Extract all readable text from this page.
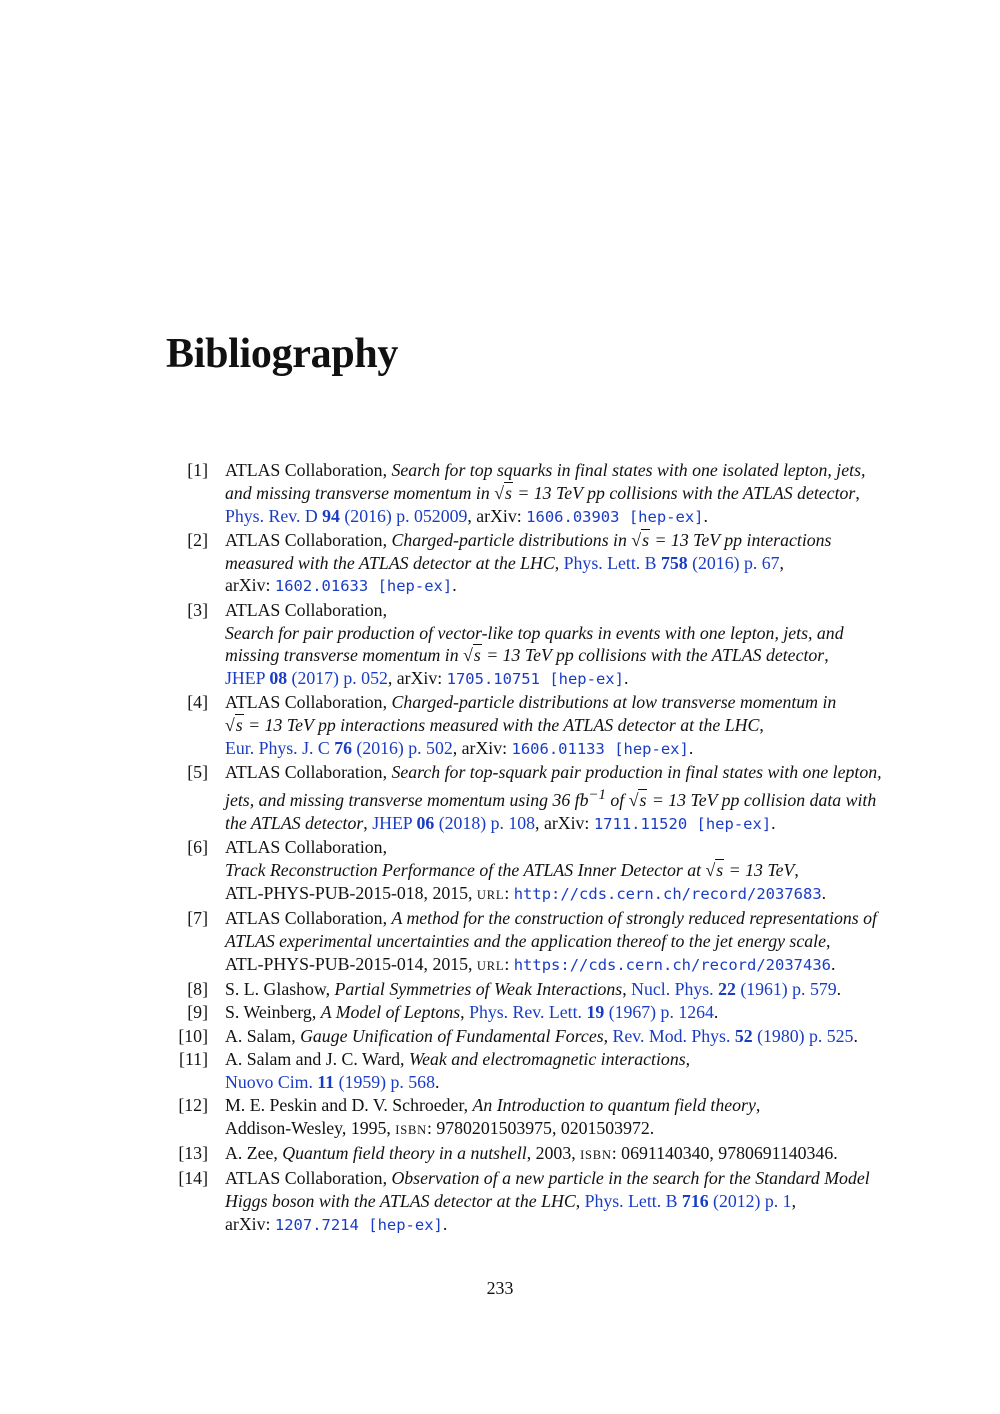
Bibliography
[1] ATLAS Collaboration, Search for top squarks in final states with one isolated lepton, jets, and missing transverse momentum in √s = 13 TeV pp collisions with the ATLAS detector,
Phys. Rev. D 94 (2016) p. 052009, arXiv: 1606.03903 [hep-ex].
[2] ATLAS Collaboration, Charged-particle distributions in √s = 13 TeV pp interactions measured with the ATLAS detector at the LHC, Phys. Lett. B 758 (2016) p. 67,
arXiv: 1602.01633 [hep-ex].
[3] ATLAS Collaboration,
Search for pair production of vector-like top quarks in events with one lepton, jets, and missing transverse momentum in √s = 13 TeV pp collisions with the ATLAS detector,
JHEP 08 (2017) p. 052, arXiv: 1705.10751 [hep-ex].
[4] ATLAS Collaboration, Charged-particle distributions at low transverse momentum in
√s = 13 TeV pp interactions measured with the ATLAS detector at the LHC,
Eur. Phys. J. C 76 (2016) p. 502, arXiv: 1606.01133 [hep-ex].
[5] ATLAS Collaboration, Search for top-squark pair production in final states with one lepton, jets, and missing transverse momentum using 36 $fb^{-1}$ of √s = 13 TeV pp collision data with the ATLAS detector, JHEP 06 (2018) p. 108, arXiv: 1711.11520 [hep-ex].
[6] ATLAS Collaboration,
Track Reconstruction Performance of the ATLAS Inner Detector at √s = 13 TeV,
ATL-PHYS-PUB-2015-018, 2015, URL: http://cds.cern.ch/record/2037683.
[7] ATLAS Collaboration, A method for the construction of strongly reduced representations of ATLAS experimental uncertainties and the application thereof to the jet energy scale,
ATL-PHYS-PUB-2015-014, 2015, URL: https://cds.cern.ch/record/2037436.
[8] S. L. Glashow, Partial Symmetries of Weak Interactions, Nucl. Phys. 22 (1961) p. 579.
[9] S. Weinberg, A Model of Leptons, Phys. Rev. Lett. 19 (1967) p. 1264.
[10] A. Salam, Gauge Unification of Fundamental Forces, Rev. Mod. Phys. 52 (1980) p. 525.
[11] A. Salam and J. C. Ward, Weak and electromagnetic interactions,
Nuovo Cim. 11 (1959) p. 568.
[12] M. E. Peskin and D. V. Schroeder, An Introduction to quantum field theory,
Addison-Wesley, 1995, ISBN: 9780201503975, 0201503972.
[13] A. Zee, Quantum field theory in a nutshell, 2003, ISBN: 0691140340, 9780691140346.
[14] ATLAS Collaboration, Observation of a new particle in the search for the Standard Model Higgs boson with the ATLAS detector at the LHC, Phys. Lett. B 716 (2012) p. 1,
arXiv: 1207.7214 [hep-ex].
233
